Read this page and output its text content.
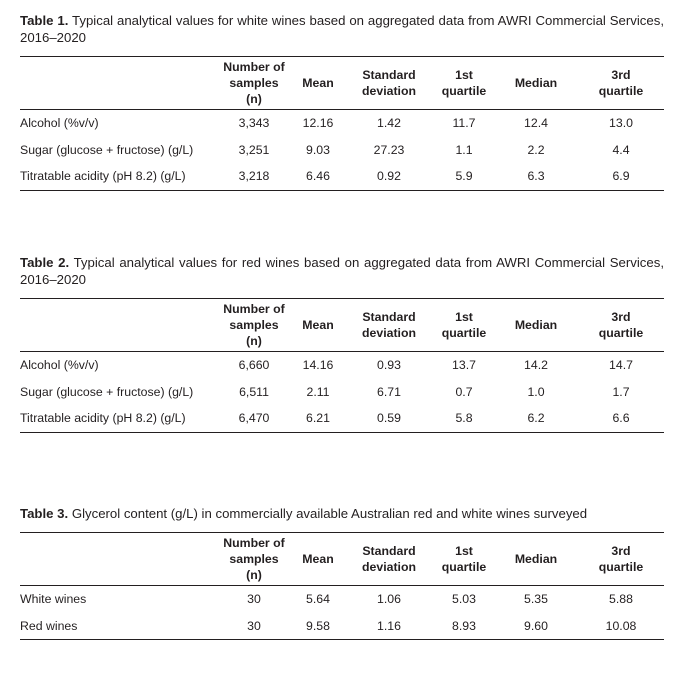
Table 1. Typical analytical values for white wines based on aggregated data from AWRI Commercial Services, 2016–2020

	Number of
samples
(n)	Mean	Standard
deviation	1st
quartile	Median	3rd
quartile
Alcohol (%v/v)	3,343	12.16	1.42	11.7	12.4	13.0
Sugar (glucose + fructose) (g/L)	3,251	9.03	27.23	1.1	2.2	4.4
Titratable acidity (pH 8.2) (g/L)	3,218	6.46	0.92	5.9	6.3	6.9

Table 2. Typical analytical values for red wines based on aggregated data from AWRI Commercial Services, 2016–2020

	Number of
samples
(n)	Mean	Standard
deviation	1st
quartile	Median	3rd
quartile
Alcohol (%v/v)	6,660	14.16	0.93	13.7	14.2	14.7
Sugar (glucose + fructose) (g/L)	6,511	2.11	6.71	0.7	1.0	1.7
Titratable acidity (pH 8.2) (g/L)	6,470	6.21	0.59	5.8	6.2	6.6

Table 3. Glycerol content (g/L) in commercially available Australian red and white wines surveyed

	Number of
samples
(n)	Mean	Standard
deviation	1st
quartile	Median	3rd
quartile
White wines	30	5.64	1.06	5.03	5.35	5.88
Red wines	30	9.58	1.16	8.93	9.60	10.08
